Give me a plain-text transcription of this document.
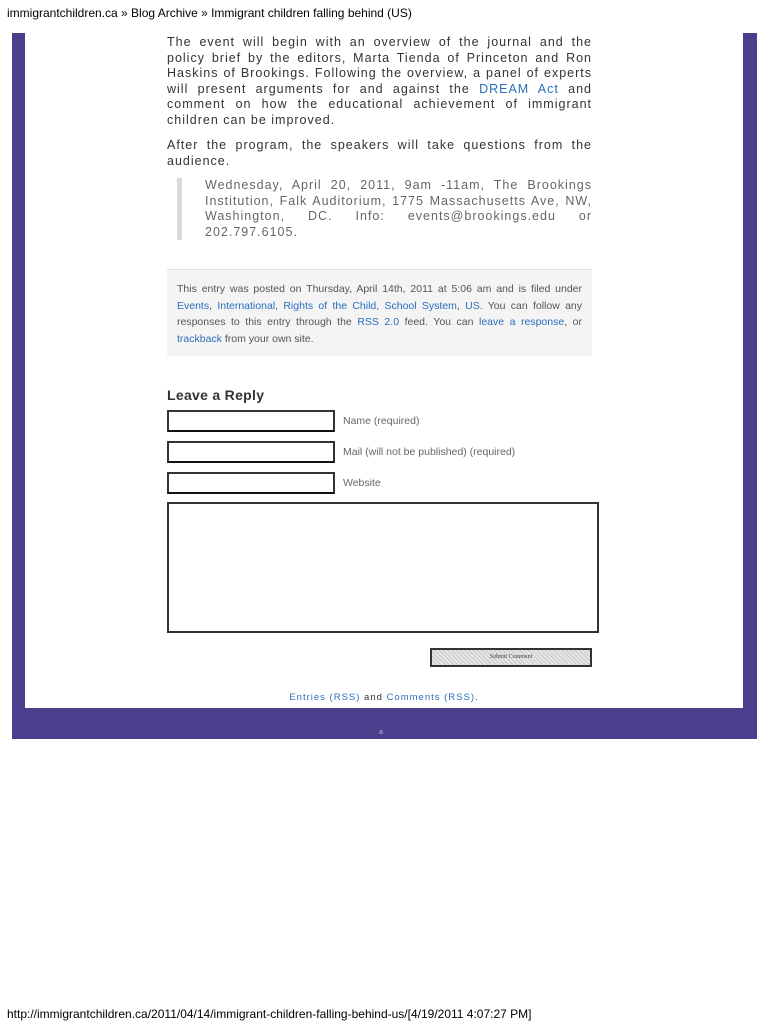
immigrantchildren.ca » Blog Archive » Immigrant children falling behind (US)

The event will begin with an overview of the journal and the policy brief by the editors, Marta Tienda of Princeton and Ron Haskins of Brookings. Following the overview, a panel of experts will present arguments for and against the DREAM Act and comment on how the educational achievement of immigrant children can be improved.

After the program, the speakers will take questions from the audience.

Wednesday, April 20, 2011, 9am -11am, The Brookings Institution, Falk Auditorium, 1775 Massachusetts Ave, NW, Washington, DC. Info: events@brookings.edu or 202.797.6105.
This entry was posted on Thursday, April 14th, 2011 at 5:06 am and is filed under Events, International, Rights of the Child, School System, US. You can follow any responses to this entry through the RSS 2.0 feed. You can leave a response, or trackback from your own site.
Leave a Reply
Name (required)
Mail (will not be published) (required)
Website
Submit Comment
Entries (RSS) and Comments (RSS).
a
http://immigrantchildren.ca/2011/04/14/immigrant-children-falling-behind-us/[4/19/2011 4:07:27 PM]
